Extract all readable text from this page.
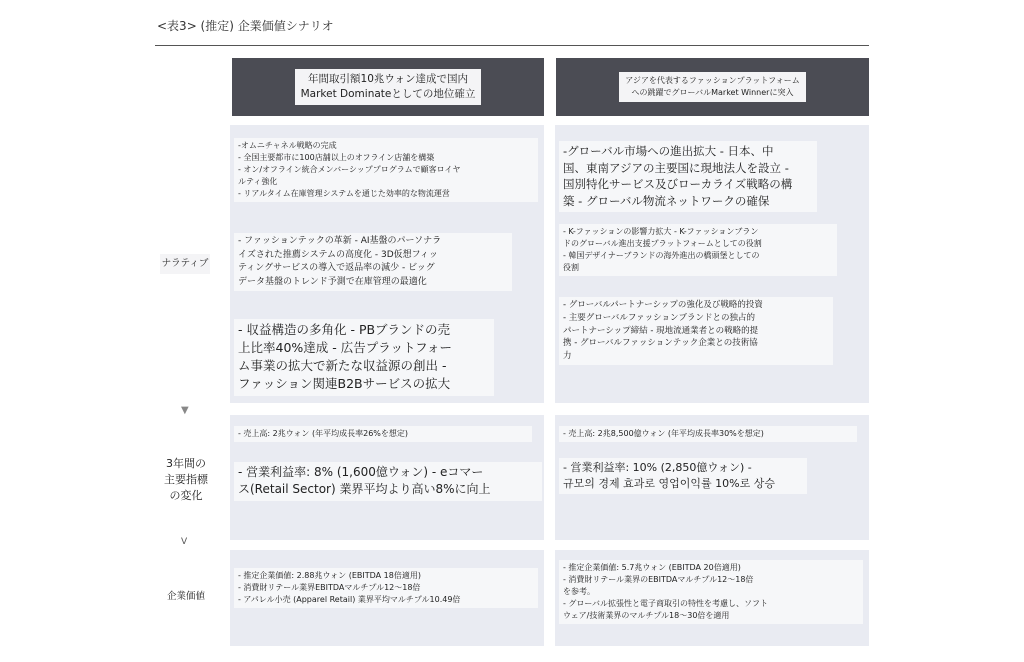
<表3> (推定) 企業価値シナリオ
年間取引額10兆ウォン達成で国内
Market Dominateとしての地位確立
アジアを代表するファッションプラットフォーム
への跳躍でグローバルMarket Winnerに突入
ナラティブ
3年間の
主要指標
の変化
企業価値
▼
V
-オムニチャネル戦略の完成
- 全国主要都市に100店舗以上のオフライン店舗を構築
- オン/オフライン統合メンバーシッププログラムで顧客ロイヤ
ルティ強化
- リアルタイム在庫管理システムを通じた効率的な物流運営
- ファッションテックの革新 - AI基盤のパーソナラ
イズされた推薦システムの高度化 - 3D仮想フィッ
ティングサービスの導入で返品率の減少 - ビッグ
データ基盤のトレンド予測で在庫管理の最適化
- 収益構造の多角化 - PBブランドの売
上比率40%達成 - 広告プラットフォー
ム事業の拡大で新たな収益源の創出 -
ファッション関連B2Bサービスの拡大
-グローバル市場への進出拡大 - 日本、中
国、東南アジアの主要国に現地法人を設立 -
国別特化サービス及びローカライズ戦略の構
築 - グローバル物流ネットワークの確保
- K-ファッションの影響力拡大 - K-ファッションブラン
ドのグローバル進出支援プラットフォームとしての役割
- 韓国デザイナーブランドの海外進出の橋頭堡としての
役割
- グローバルパートナーシップの強化及び戦略的投資
- 主要グローバルファッションブランドとの独占的
パートナーシップ締結 - 現地流通業者との戦略的提
携 - グローバルファッションテック企業との技術協
力
- 売上高: 2兆ウォン (年平均成長率26%を想定)
- 営業利益率: 8% (1,600億ウォン) - eコマー
ス(Retail Sector) 業界平均より高い8%に向上
- 売上高: 2兆8,500億ウォン (年平均成長率30%を想定)
- 営業利益率: 10% (2,850億ウォン) -
규모의 경제 효과로 영업이익률 10%로 상승
- 推定企業価値: 2.88兆ウォン (EBITDA 18倍適用)
- 消費財リテール業界EBITDAマルチプル12～18倍
- アパレル小売 (Apparel Retail) 業界平均マルチプル10.49倍
- 推定企業価値: 5.7兆ウォン (EBITDA 20倍適用)
- 消費財リテール業界のEBITDAマルチプル12～18倍
を参考。
- グローバル拡張性と電子商取引の特性を考慮し、ソフト
ウェア/技術業界のマルチプル18～30倍を適用
